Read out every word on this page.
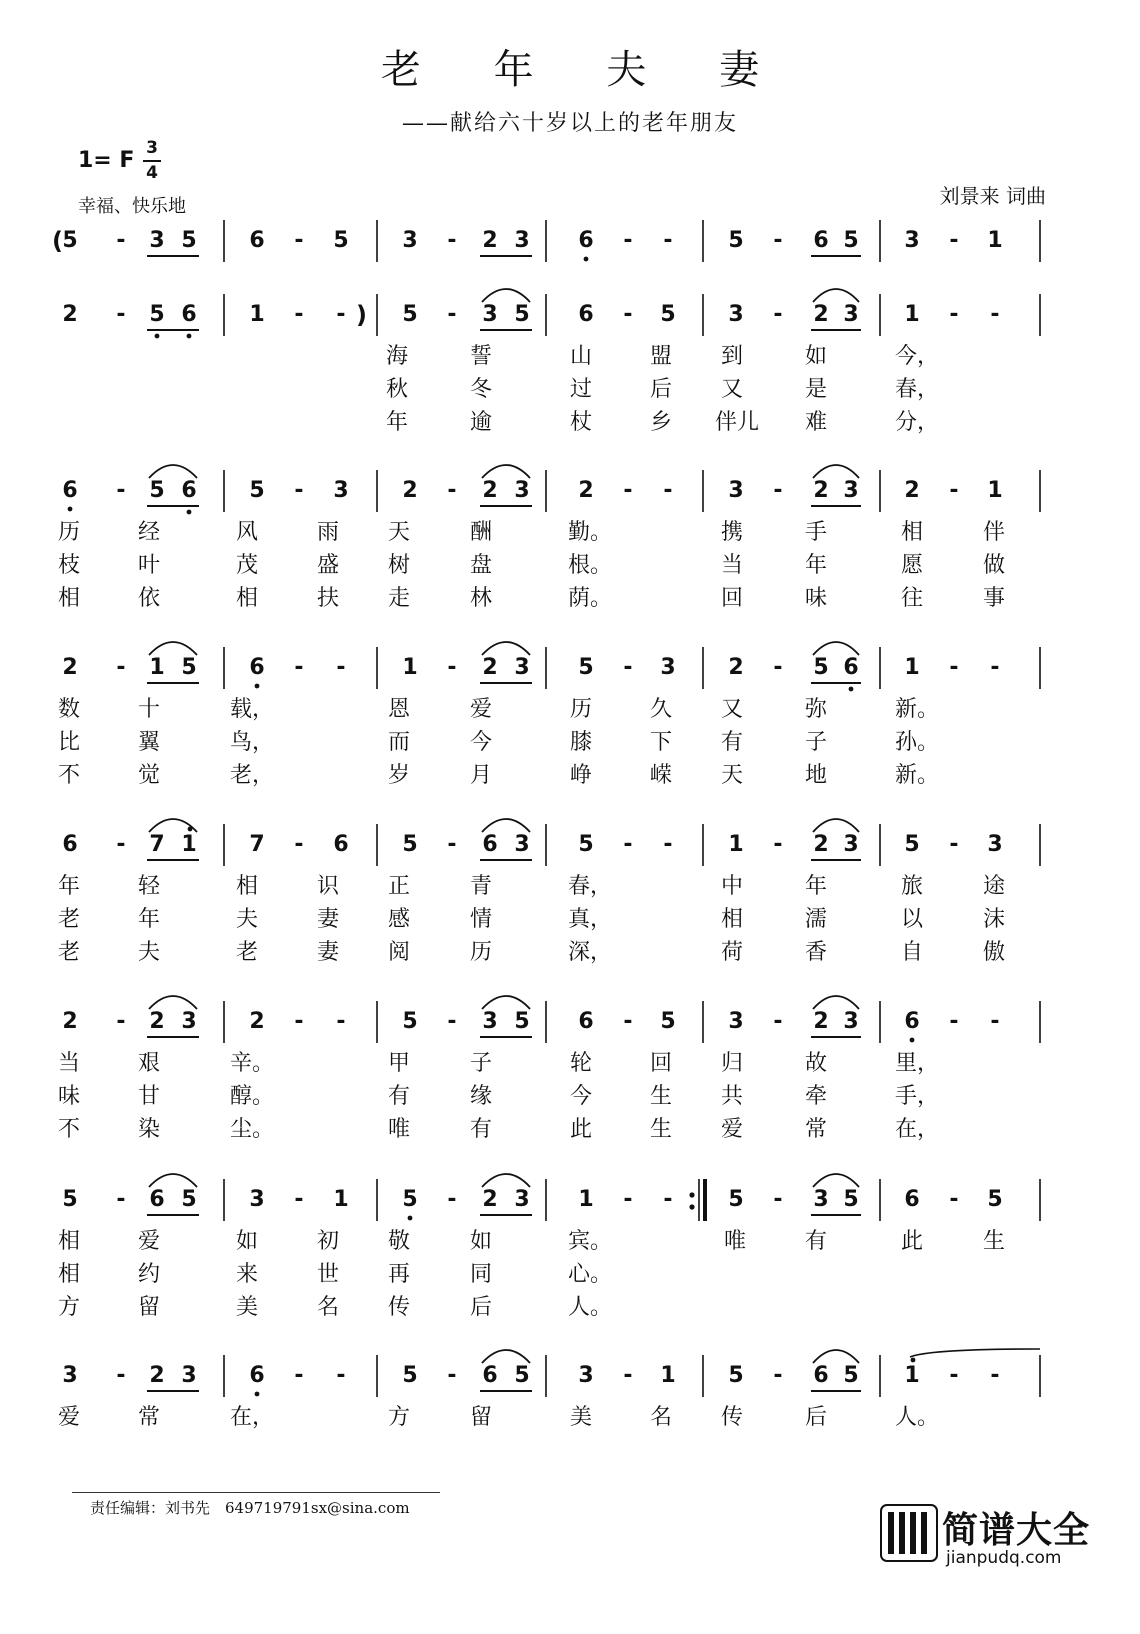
老 年 夫 妻
——献给六十岁以上的老年朋友
1= F 3
4
幸福、快乐地	刘景来 词曲
( 5	-	3 5 6	-	5 3	-	2 3 6	-	-	5	-	6 5 3	-	1
)
2	-	5 6 1	-	-	5	-	3 5 6	-	5 3	-	2 3 1	-	-
海	誓	山	盟	到	如	今，
秋	冬	过	后	又	是	春，
年	逾	杖	乡	伴儿	难	分，
6	-	5 6 5	-	3 2	-	2 3 2	-	-	3	-	2 3 2	-	1
历	经	风	雨	天	酬	勤。	携	手	相	伴
枝	叶	茂	盛	树	盘	根。	当	年	愿	做
相	依	相	扶	走	林	荫。	回	味	往	事
2	-	1 5 6	-	-	1	-	2 3 5	-	3 2	-	5 6 1	-	-
数	十	载，	恩	爱	历	久	又	弥	新。
比	翼	鸟，	而	今	膝	下	有	子	孙。
不	觉	老，	岁	月	峥	嵘	天	地	新。
6	-	7 1 7	-	6 5	-	6 3 5	-	-	1	-	2 3 5	-	3
年	轻	相	识	正	青	春，	中	年	旅	途
老	年	夫	妻	感	情	真，	相	濡	以	沫
老	夫	老	妻	阅	历	深，	荷	香	自	傲
2	-	2 3 2	-	-	5	-	3 5 6	-	5 3	-	2 3 6	-	-
当	艰	辛。	甲	子	轮	回	归	故	里，
味	甘	醇。	有	缘	今	生	共	牵	手，
不	染	尘。	唯	有	此	生	爱	常	在，
5	-	6 5 3	-	1 5	-	2 3 1	-	-	5	-	3 5 6	-	5
相	爱	如	初	敬	如	宾。	唯	有	此	生
相	约	来	世	再	同	心。
方	留	美	名	传	后	人。
3	-	2 3 6	-	-	5	-	6 5 3	-	1 5	-	6 5 1	-	-
爱	常	在，	方	留	美	名	传	后	人。
责任编辑：刘书先　649719791sx@sina.com
简谱大全
jianpudq.com
